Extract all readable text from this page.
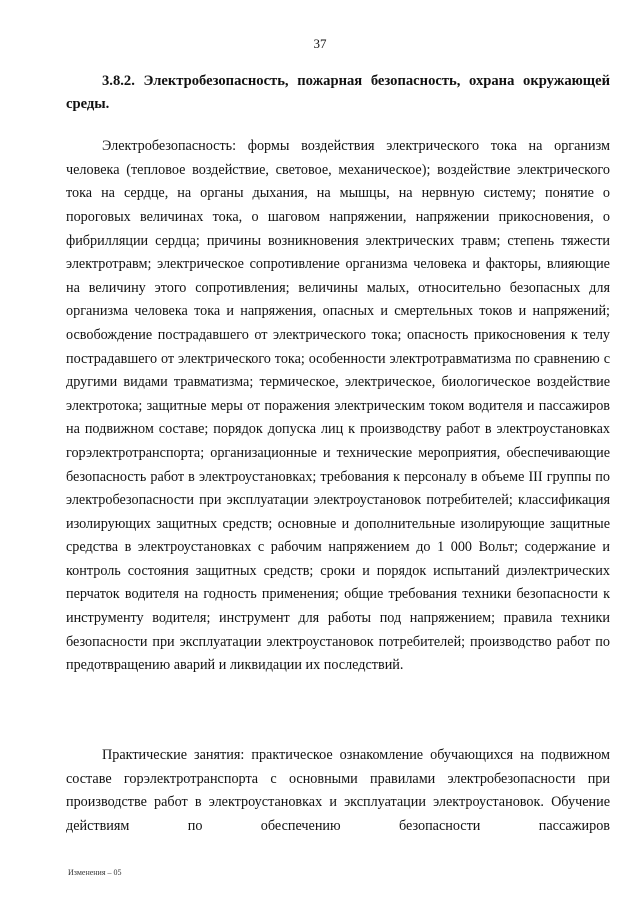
37
3.8.2. Электробезопасность, пожарная безопасность, охрана окружающей среды.

Электробезопасность: формы воздействия электрического тока на организм человека (тепловое воздействие, световое, механическое); воздействие электрического тока на сердце, на органы дыхания, на мышцы, на нервную систему; понятие о пороговых величинах тока, о шаговом напряжении, напряжении прикосновения, о фибрилляции сердца; причины возникновения электрических травм; степень тяжести электротравм; электрическое сопротивление организма человека и факторы, влияющие на величину этого сопротивления; величины малых, относительно безопасных для организма человека тока и напряжения, опасных и смертельных токов и напряжений; освобождение пострадавшего от электрического тока; опасность прикосновения к телу пострадавшего от электрического тока; особенности электротравматизма по сравнению с другими видами травматизма; термическое, электрическое, биологическое воздействие электротока; защитные меры от поражения электрическим током водителя и пассажиров на подвижном составе; порядок допуска лиц к производству работ в электроустановках горэлектротранспорта; организационные и технические мероприятия, обеспечивающие безопасность работ в электроустановках; требования к персоналу в объеме III группы по электробезопасности при эксплуатации электроустановок потребителей; классификация изолирующих защитных средств; основные и дополнительные изолирующие защитные средства в электроустановках с рабочим напряжением до 1 000 Вольт; содержание и контроль состояния защитных средств; сроки и порядок испытаний диэлектрических перчаток водителя на годность применения; общие требования техники безопасности к инструменту водителя; инструмент для работы под напряжением; правила техники безопасности при эксплуатации электроустановок потребителей; производство работ по предотвращению аварий и ликвидации их последствий.

Практические занятия: практическое ознакомление обучающихся на подвижном составе горэлектротранспорта с основными правилами электробезопасности при производстве работ в электроустановках и эксплуатации электроустановок. Обучение действиям по обеспечению безопасности пассажиров

Изменения – 05
